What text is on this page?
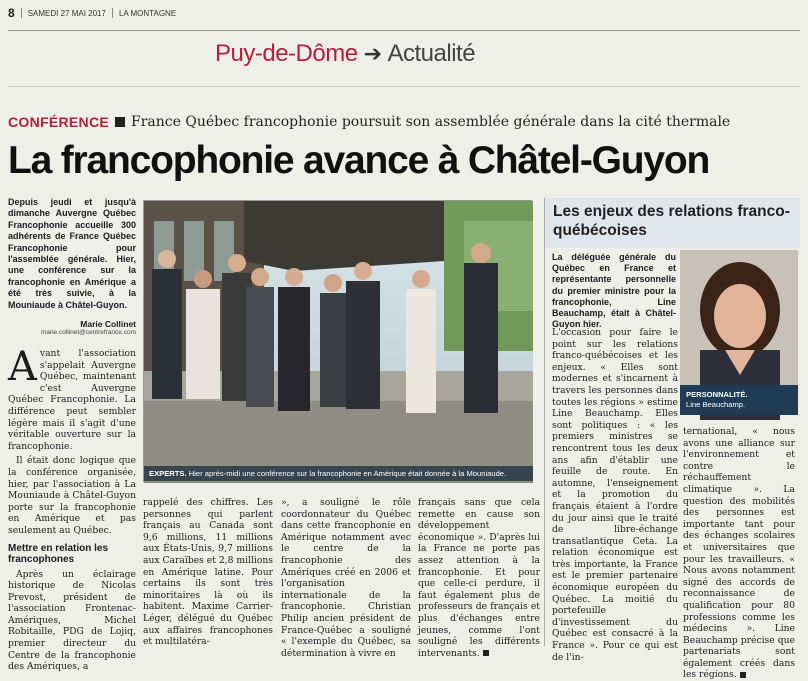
8 SAMEDI 27 MAI 2017 LA MONTAGNE
Puy-de-Dôme ➔ Actualité
CONFÉRENCE France Québec francophonie poursuit son assemblée générale dans la cité thermale
La francophonie avance à Châtel-Guyon

Depuis jeudi et jusqu'à dimanche Auvergne Québec Francophonie accueille 300 adhérents de France Québec Francophonie pour l'assemblée générale. Hier, une conférence sur la francophonie en Amérique a été très suivie, à la Mouniaude à Châtel-Guyon.

Marie Collinet
marie.collinet@centrefrance.com

Avant l'association s'appelait Auvergne Québec, maintenant c'est Auvergne Québec Francophonie. La différence peut sembler légère mais il s'agit d'une véritable ouverture sur la francophonie.

Il était donc logique que la conférence organisée, hier, par l'association à La Mouniaude à Châtel-Guyon porte sur la francophonie en Amérique et pas seulement au Québec.

Mettre en relation les francophones

Après un éclairage historique de Nicolas Prevost, président de l'association Frontenac-Amériques, Michel Robitaille, PDG de Lojiq, premier directeur du Centre de la francophonie des Amériques, a

EXPERTS. Hier après-midi une conférence sur la francophonie en Amérique était donnée à la Mouniaude.

rappelé des chiffres. Les personnes qui parlent français au Canada sont 9,6 millions, 11 millions aux États-Unis, 9,7 millions aux Caraïbes et 2,8 millions en Amérique latine. Pour certains ils sont très minoritaires là où ils habitent. Maxime Carrier-Léger, délégué du Québec aux affaires francophones et multilatéra-

», a souligné le rôle coordonnateur du Québec dans cette francophonie en Amérique notamment avec le centre de la francophonie des Amériques créé en 2006 et l'organisation internationale de la francophonie. Christian Philip ancien président de France-Québec a souligné « l'exemple du Québec, sa détermination à vivre en

français sans que cela remette en cause son développement économique ». D'après lui la France ne porte pas assez attention à la francophonie. Et pour que celle-ci perdure, il faut également plus de professeurs de français et plus d'échanges entre jeunes, comme l'ont souligné les différents intervenants.

Les enjeux des relations franco-québécoises
PERSONNALITÉ.
Line Beauchamp.

La déléguée générale du Québec en France et représentante personnelle du premier ministre pour la francophonie, Line Beauchamp, était à Châtel-Guyon hier.

L'occasion pour faire le point sur les relations franco-québécoises et les enjeux. « Elles sont modernes et s'incarnent à travers les personnes dans toutes les régions » estime Line Beauchamp. Elles sont politiques : « les premiers ministres se rencontrent tous les deux ans afin d'établir une feuille de route. En automne, l'enseignement et la promotion du français étaient à l'ordre du jour ainsi que le traité de libre-échange transatlantique Ceta. La relation économique est très importante, la France est le premier partenaire économique européen du Québec. La moitié du portefeuille d'investissement du Québec est consacré à la France ». Pour ce qui est de l'in-

ternational, « nous avons une alliance sur l'environnement et contre le réchauffement climatique ». La question des mobilités des personnes est importante tant pour des échanges scolaires et universitaires que pour les travailleurs. « Nous avons notamment signé des accords de reconnaissance de qualification pour 80 professions comme les médecins ». Line Beauchamp précise que partenariats sont également créés dans les régions.
